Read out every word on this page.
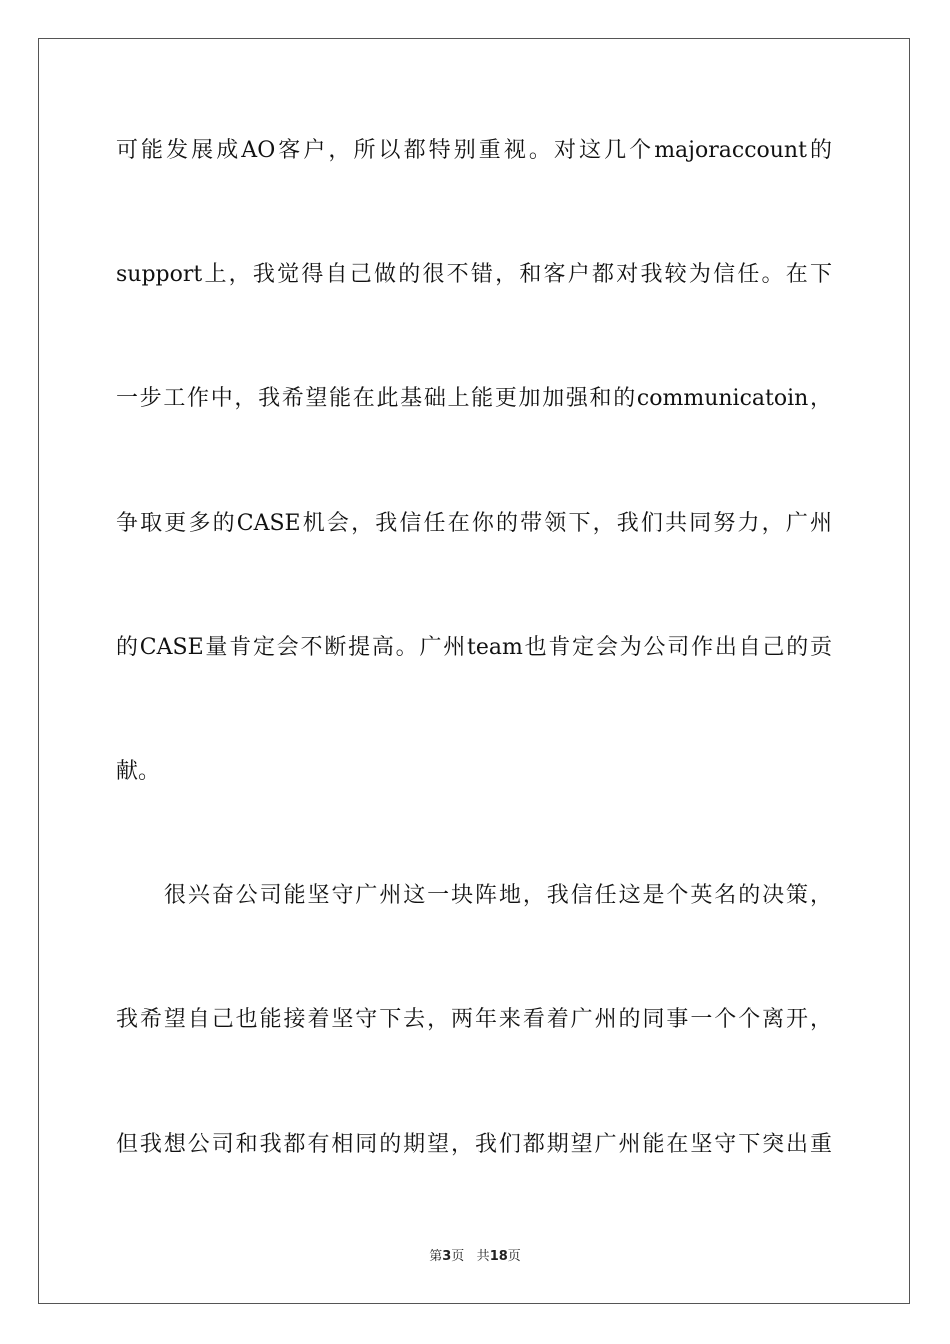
可能发展成AO客户，所以都特别重视。对这几个majoraccount的
support上，我觉得自己做的很不错，和客户都对我较为信任。在下
一步工作中，我希望能在此基础上能更加加强和的communicatoin，
争取更多的CASE机会，我信任在你的带领下，我们共同努力，广州
的CASE量肯定会不断提高。广州team也肯定会为公司作出自己的贡
献。
很兴奋公司能坚守广州这一块阵地，我信任这是个英名的决策，
我希望自己也能接着坚守下去，两年来看着广州的同事一个个离开，
但我想公司和我都有相同的期望，我们都期望广州能在坚守下突出重
第3页 共18页
